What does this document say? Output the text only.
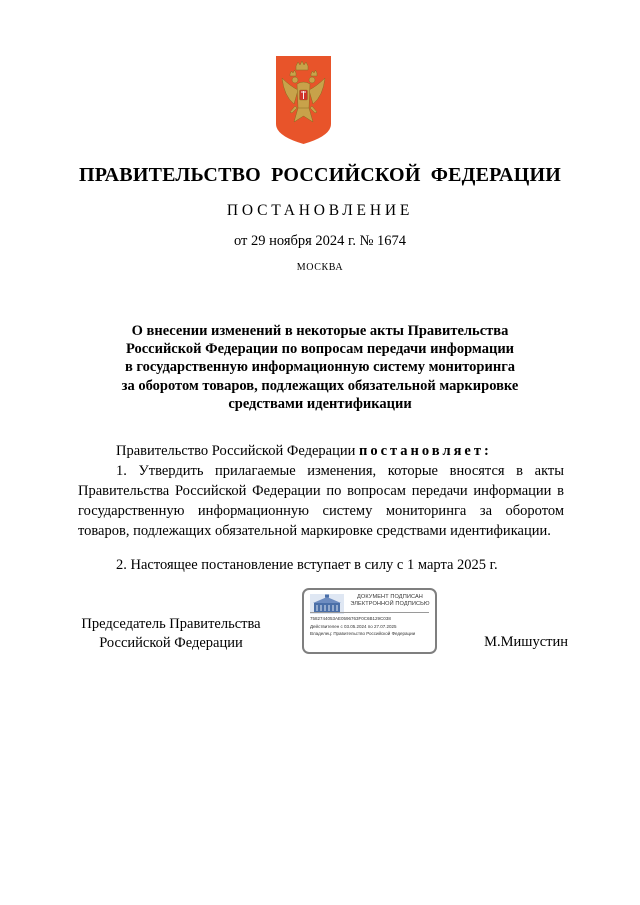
ПРАВИТЕЛЬСТВО РОССИЙСКОЙ ФЕДЕРАЦИИ
ПОСТАНОВЛЕНИЕ
от 29 ноября 2024 г. № 1674
МОСКВА
О внесении изменений в некоторые акты Правительства
Российской Федерации по вопросам передачи информации
в государственную информационную систему мониторинга
за оборотом товаров, подлежащих обязательной маркировке
средствами идентификации
Правительство Российской Федерации постановляет:
1. Утвердить прилагаемые изменения, которые вносятся в акты Правительства Российской Федерации по вопросам передачи информации в государственную информационную систему мониторинга за оборотом товаров, подлежащих обязательной маркировке средствами идентификации.
2. Настоящее постановление вступает в силу с 1 марта 2025 г.
Председатель Правительства
Российской Федерации
ДОКУМЕНТ ПОДПИСАН
ЭЛЕКТРОННОЙ ПОДПИСЬЮ
7582744053AE0596763F0C6B129C038
Действителен с 03.05.2024 по 27.07.2025
Владелец: Правительство Российской Федерации
М.Мишустин
